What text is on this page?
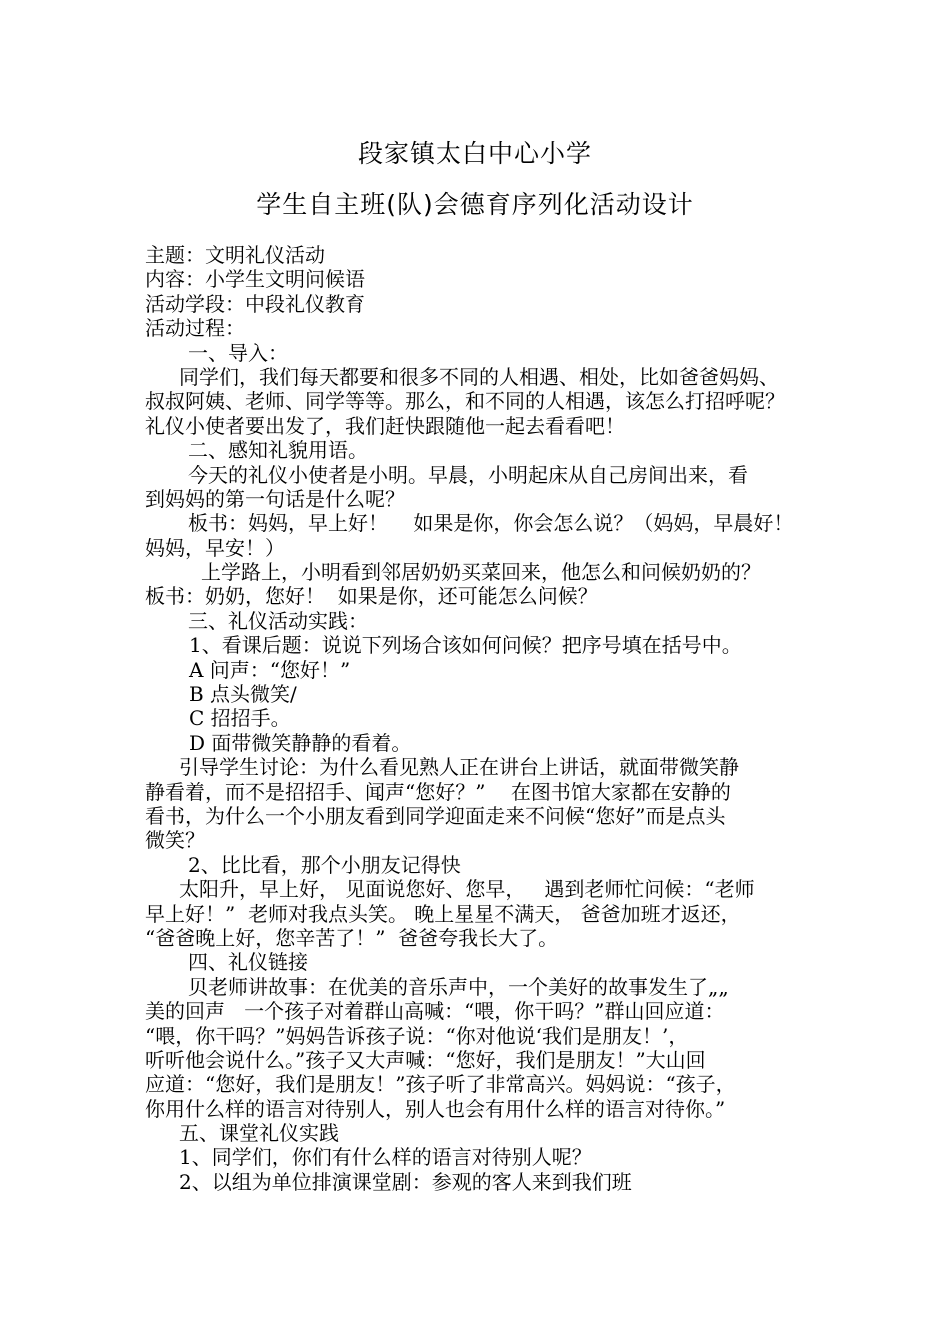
段家镇太白中心小学
学生自主班(队)会德育序列化活动设计
主题：文明礼仪活动
内容：小学生文明问候语
活动学段：中段礼仪教育
活动过程：
一、导入：
同学们，我们每天都要和很多不同的人相遇、相处，比如爸爸妈妈、
叔叔阿姨、老师、同学等等。那么，和不同的人相遇，该怎么打招呼呢？
礼仪小使者要出发了，我们赶快跟随他一起去看看吧！
二、感知礼貌用语。
今天的礼仪小使者是小明。早晨，小明起床从自己房间出来，看
到妈妈的第一句话是什么呢？
板书：妈妈，早上好！    如果是你，你会怎么说？（妈妈，早晨好！
妈妈，早安！）
上学路上，小明看到邻居奶奶买菜回来，他怎么和问候奶奶的？
板书：奶奶，您好！  如果是你，还可能怎么问候？
三、礼仪活动实践：
1、看课后题：说说下列场合该如何问候？把序号填在括号中。
A 问声：“您好！”
B 点头微笑/
C 招招手。
D 面带微笑静静的看着。
引导学生讨论：为什么看见熟人正在讲台上讲话，就面带微笑静
静看着，而不是招招手、闻声“您好？”    在图书馆大家都在安静的
看书，为什么一个小朋友看到同学迎面走来不问候“您好”而是点头
微笑？
2、比比看，那个小朋友记得快
太阳升，早上好， 见面说您好、您早，   遇到老师忙问候：“老师
早上好！”  老师对我点头笑。 晚上星星不满天， 爸爸加班才返还，
“爸爸晚上好，您辛苦了！”  爸爸夸我长大了。
四、礼仪链接
贝老师讲故事：在优美的音乐声中，一个美好的故事发生了„„
美的回声   一个孩子对着群山高喊：“喂，你干吗？”群山回应道：
“喂，你干吗？”妈妈告诉孩子说：“你对他说‘我们是朋友！’，
听听他会说什么。”孩子又大声喊：“您好，我们是朋友！”大山回
应道：“您好，我们是朋友！”孩子听了非常高兴。妈妈说：“孩子，
你用什么样的语言对待别人，别人也会有用什么样的语言对待你。”
五、课堂礼仪实践
1、同学们，你们有什么样的语言对待别人呢？
2、以组为单位排演课堂剧：参观的客人来到我们班
